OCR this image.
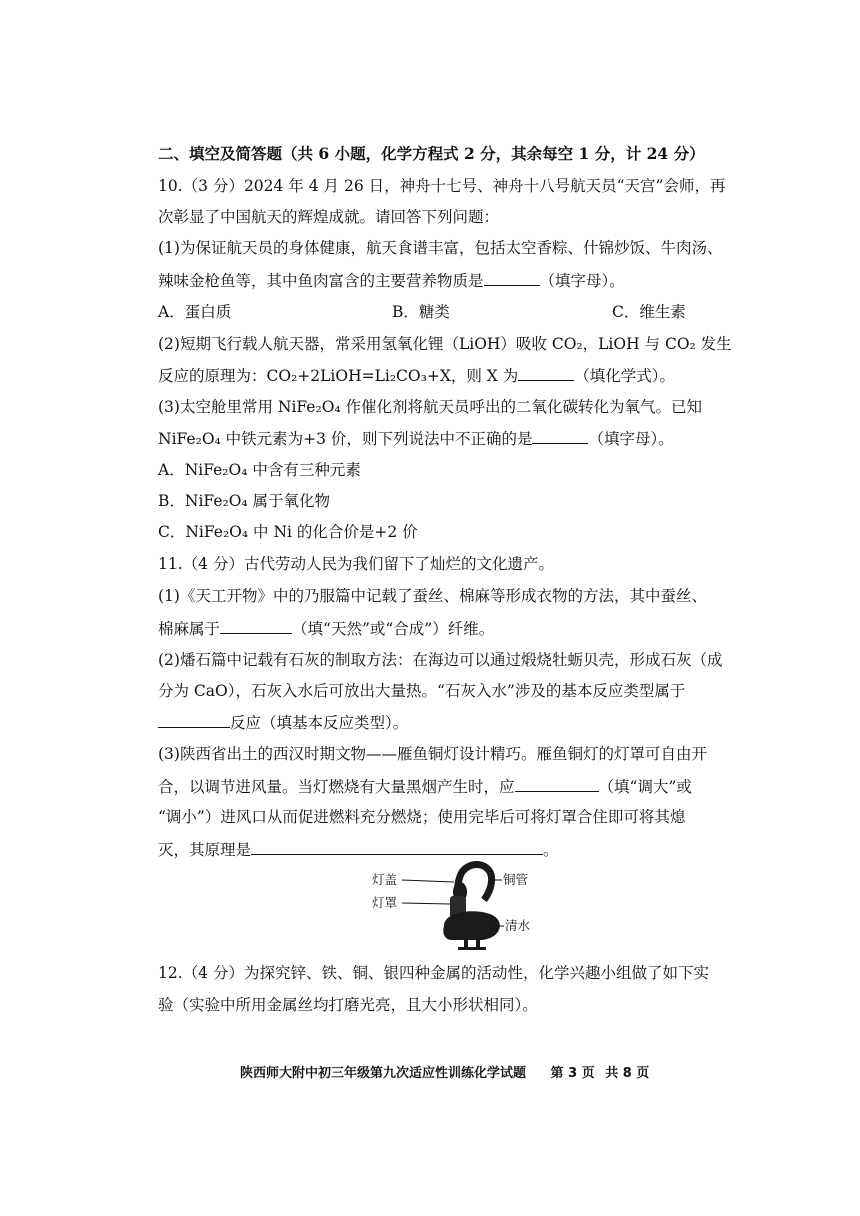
二、填空及简答题（共 6 小题，化学方程式 2 分，其余每空 1 分，计 24 分）
10.（3 分）2024 年 4 月 26 日，神舟十七号、神舟十八号航天员“天宫”会师，再
次彰显了中国航天的辉煌成就。请回答下列问题：
(1)为保证航天员的身体健康，航天食谱丰富，包括太空香粽、什锦炒饭、牛肉汤、
辣味金枪鱼等，其中鱼肉富含的主要营养物质是	（填字母）。
A．蛋白质	B．糖类	C．维生素
(2)短期飞行载人航天器，常采用氢氧化锂（LiOH）吸收 CO₂，LiOH 与 CO₂ 发生
反应的原理为：CO₂+2LiOH=Li₂CO₃+X，则 X 为	（填化学式）。
(3)太空舱里常用 NiFe₂O₄ 作催化剂将航天员呼出的二氧化碳转化为氧气。已知
NiFe₂O₄ 中铁元素为+3 价，则下列说法中不正确的是	（填字母）。
A．NiFe₂O₄ 中含有三种元素
B．NiFe₂O₄ 属于氧化物
C．NiFe₂O₄ 中 Ni 的化合价是+2 价
11.（4 分）古代劳动人民为我们留下了灿烂的文化遗产。
(1)《天工开物》中的乃服篇中记载了蚕丝、棉麻等形成衣物的方法，其中蚕丝、
棉麻属于	（填“天然”或“合成”）纤维。
(2)燔石篇中记载有石灰的制取方法：在海边可以通过煅烧牡蛎贝壳，形成石灰（成
分为 CaO），石灰入水后可放出大量热。“石灰入水”涉及的基本反应类型属于
反应（填基本反应类型）。
(3)陕西省出土的西汉时期文物——雁鱼铜灯设计精巧。雁鱼铜灯的灯罩可自由开
合，以调节进风量。当灯燃烧有大量黑烟产生时，应	（填“调大”或
“调小”）进风口从而促进燃料充分燃烧；使用完毕后可将灯罩合住即可将其熄
灭，其原理是	。
灯盖
灯罩
铜管
清水
12.（4 分）为探究锌、铁、铜、银四种金属的活动性，化学兴趣小组做了如下实
验（实验中所用金属丝均打磨光亮，且大小形状相同）。
陕西师大附中初三年级第九次适应性训练化学试题 第 3 页 共 8 页
